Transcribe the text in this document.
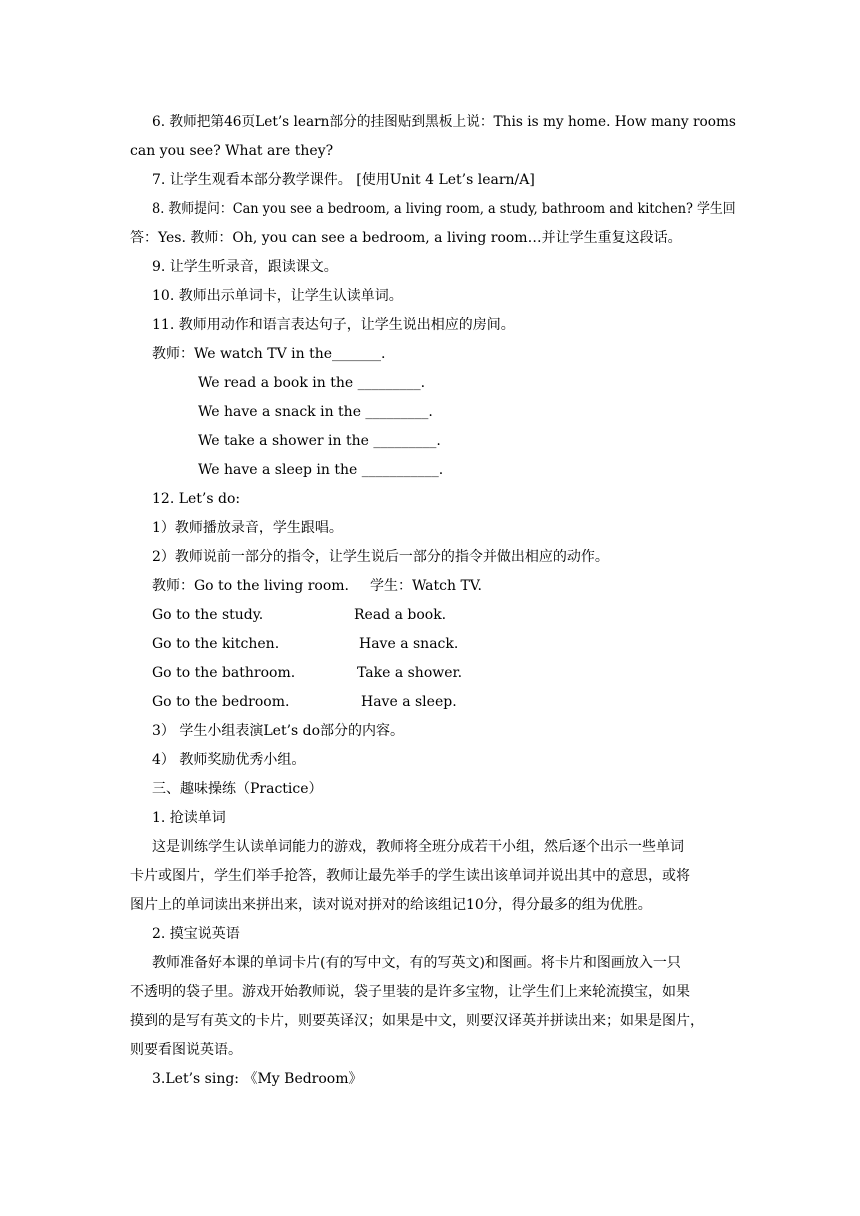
6. 教师把第46页Let’s learn部分的挂图贴到黑板上说：This is my home. How many rooms
can you see? What are they?
7. 让学生观看本部分教学课件。 [使用Unit 4 Let’s learn/A]
8. 教师提问：Can you see a bedroom, a living room, a study, bathroom and kitchen? 学生回
答：Yes. 教师：Oh, you can see a bedroom, a living room…并让学生重复这段话。
9. 让学生听录音，跟读课文。
10. 教师出示单词卡，让学生认读单词。
11. 教师用动作和语言表达句子，让学生说出相应的房间。
教师：We watch TV in the_______.
We read a book in the _________.
We have a snack in the _________.
We take a shower in the _________.
We have a sleep in the ___________.
12. Let’s do:
1）教师播放录音，学生跟唱。
2）教师说前一部分的指令，让学生说后一部分的指令并做出相应的动作。
教师：Go to the living room. 学生：Watch TV.
Go to the study.	Read a book.
Go to the kitchen.	Have a snack.
Go to the bathroom.	Take a shower.
Go to the bedroom.	Have a sleep.
3） 学生小组表演Let’s do部分的内容。
4） 教师奖励优秀小组。
三、趣味操练（Practice）
1. 抢读单词
这是训练学生认读单词能力的游戏，教师将全班分成若干小组，然后逐个出示一些单词
卡片或图片，学生们举手抢答，教师让最先举手的学生读出该单词并说出其中的意思，或将
图片上的单词读出来拼出来，读对说对拼对的给该组记10分，得分最多的组为优胜。
2. 摸宝说英语
教师准备好本课的单词卡片(有的写中文，有的写英文)和图画。将卡片和图画放入一只
不透明的袋子里。游戏开始教师说，袋子里装的是许多宝物，让学生们上来轮流摸宝，如果
摸到的是写有英文的卡片，则要英译汉；如果是中文，则要汉译英并拼读出来；如果是图片，
则要看图说英语。
3.Let’s sing: 《My Bedroom》
